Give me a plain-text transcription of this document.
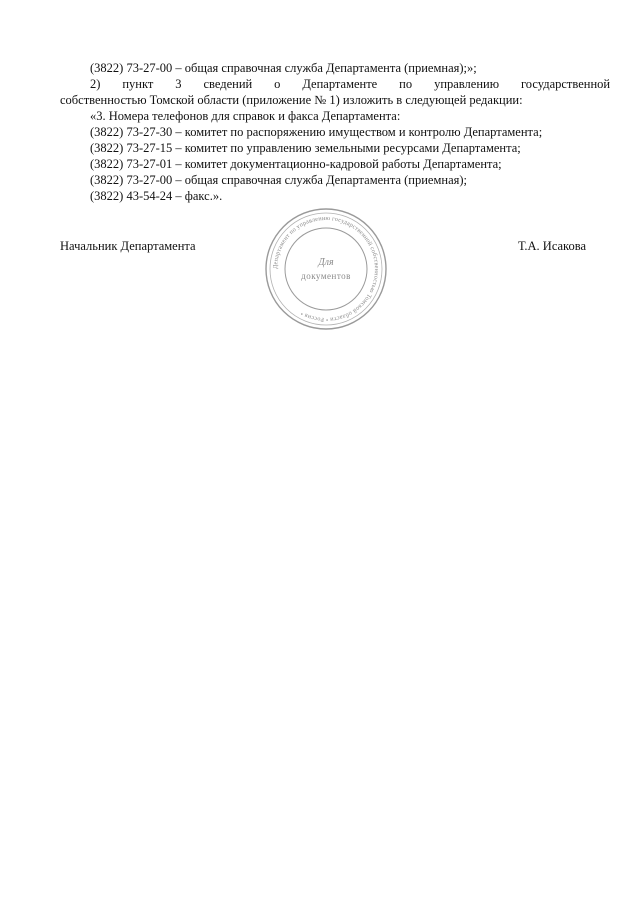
(3822) 73-27-00 – общая справочная служба Департамента (приемная);»;
2) пункт 3 сведений о Департаменте по управлению государственной
собственностью Томской области (приложение № 1) изложить в следующей редакции:
«3. Номера телефонов для справок и факса Департамента:
(3822) 73-27-30 – комитет по распоряжению имуществом и контролю Департамента;
(3822) 73-27-15 – комитет по управлению земельными ресурсами Департамента;
(3822) 73-27-01 – комитет документационно-кадровой работы Департамента;
(3822) 73-27-00 – общая справочная служба Департамента (приемная);
(3822) 43-54-24 – факс.».
Начальник Департамента
Департамент по управлению государственной собственностью Томской области • Россия •
Для
документов
Т.А. Исакова
